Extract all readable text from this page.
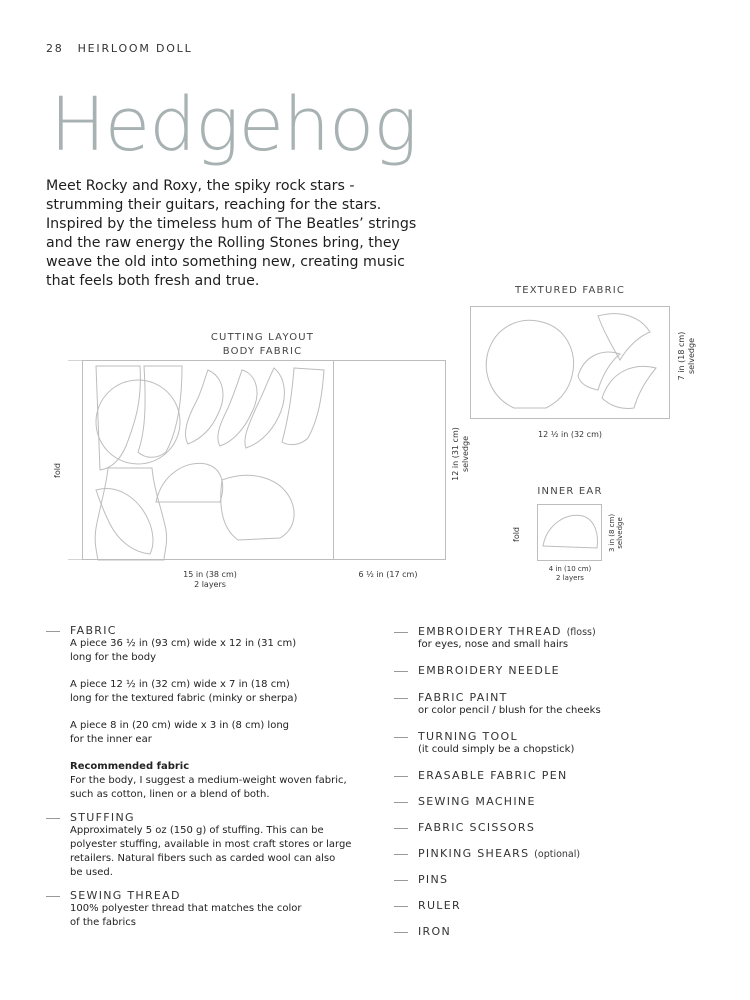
28 HEIRLOOM DOLL
Hedgehog

Meet Rocky and Roxy, the spiky rock stars -
strumming their guitars, reaching for the stars.
Inspired by the timeless hum of The Beatles’ strings
and the raw energy the Rolling Stones bring, they
weave the old into something new, creating music
that feels both fresh and true.

CUTTING LAYOUT
BODY FABRIC
fold	12 in (31 cm) selvedge
15 in (38 cm)
2 layers
6 ½ in (17 cm)
TEXTURED FABRIC
7 in (18 cm) selvedge
12 ½ in (32 cm)
INNER EAR
fold	3 in (8 cm) selvedge
4 in (10 cm)
2 layers
FABRIC
A piece 36 ½ in (93 cm) wide x 12 in (31 cm)
long for the body
A piece 12 ½ in (32 cm) wide x 7 in (18 cm)
long for the textured fabric (minky or sherpa)
A piece 8 in (20 cm) wide x 3 in (8 cm) long
for the inner ear
Recommended fabric
For the body, I suggest a medium-weight woven fabric,
such as cotton, linen or a blend of both.
STUFFING
Approximately 5 oz (150 g) of stuffing. This can be
polyester stuffing, available in most craft stores or large
retailers. Natural fibers such as carded wool can also
be used.
SEWING THREAD
100% polyester thread that matches the color
of the fabrics
EMBROIDERY THREAD (floss)
for eyes, nose and small hairs
EMBROIDERY NEEDLE
FABRIC PAINT
or color pencil / blush for the cheeks
TURNING TOOL
(it could simply be a chopstick)
ERASABLE FABRIC PEN
SEWING MACHINE
FABRIC SCISSORS
PINKING SHEARS (optional)
PINS
RULER
IRON
